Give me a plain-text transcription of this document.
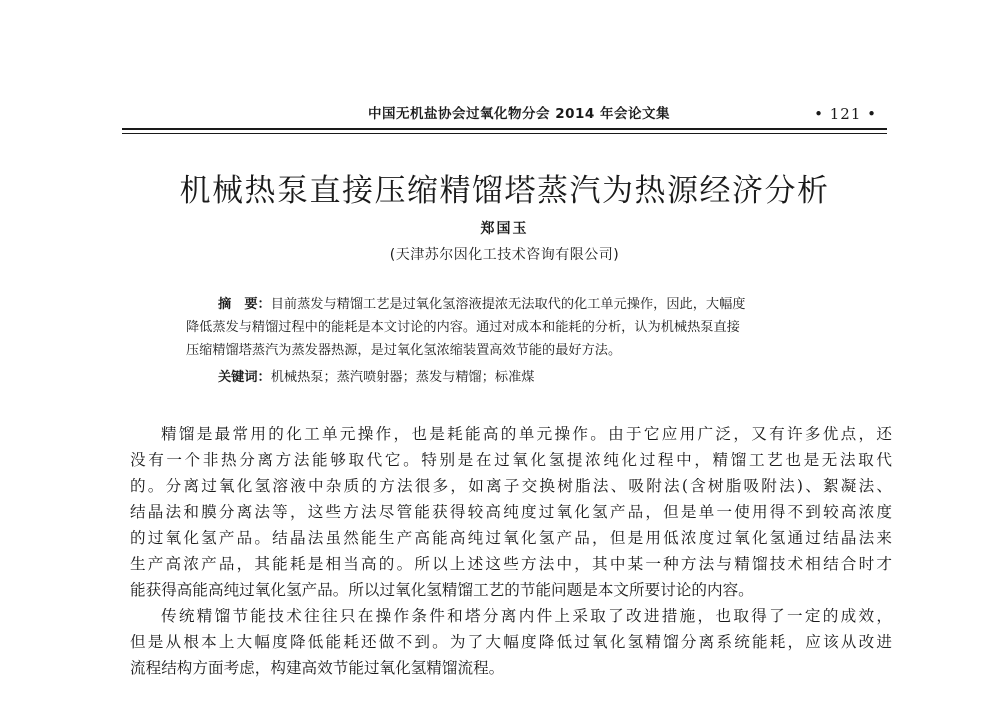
中国无机盐协会过氧化物分会 2014 年会论文集	• 121 •
机械热泵直接压缩精馏塔蒸汽为热源经济分析
郑国玉
(天津苏尔因化工技术咨询有限公司)
摘　要：目前蒸发与精馏工艺是过氧化氢溶液提浓无法取代的化工单元操作，因此，大幅度
降低蒸发与精馏过程中的能耗是本文讨论的内容。通过对成本和能耗的分析，认为机械热泵直接
压缩精馏塔蒸汽为蒸发器热源，是过氧化氢浓缩装置高效节能的最好方法。
关键词：机械热泵；蒸汽喷射器；蒸发与精馏；标准煤
精馏是最常用的化工单元操作，也是耗能高的单元操作。由于它应用广泛，又有许多优点，还
没有一个非热分离方法能够取代它。特别是在过氧化氢提浓纯化过程中，精馏工艺也是无法取代
的。分离过氧化氢溶液中杂质的方法很多，如离子交换树脂法、吸附法(含树脂吸附法)、絮凝法、
结晶法和膜分离法等，这些方法尽管能获得较高纯度过氧化氢产品，但是单一使用得不到较高浓度
的过氧化氢产品。结晶法虽然能生产高能高纯过氧化氢产品，但是用低浓度过氧化氢通过结晶法来
生产高浓产品，其能耗是相当高的。所以上述这些方法中，其中某一种方法与精馏技术相结合时才
能获得高能高纯过氧化氢产品。所以过氧化氢精馏工艺的节能问题是本文所要讨论的内容。
传统精馏节能技术往往只在操作条件和塔分离内件上采取了改进措施，也取得了一定的成效，
但是从根本上大幅度降低能耗还做不到。为了大幅度降低过氧化氢精馏分离系统能耗，应该从改进
流程结构方面考虑，构建高效节能过氧化氢精馏流程。
